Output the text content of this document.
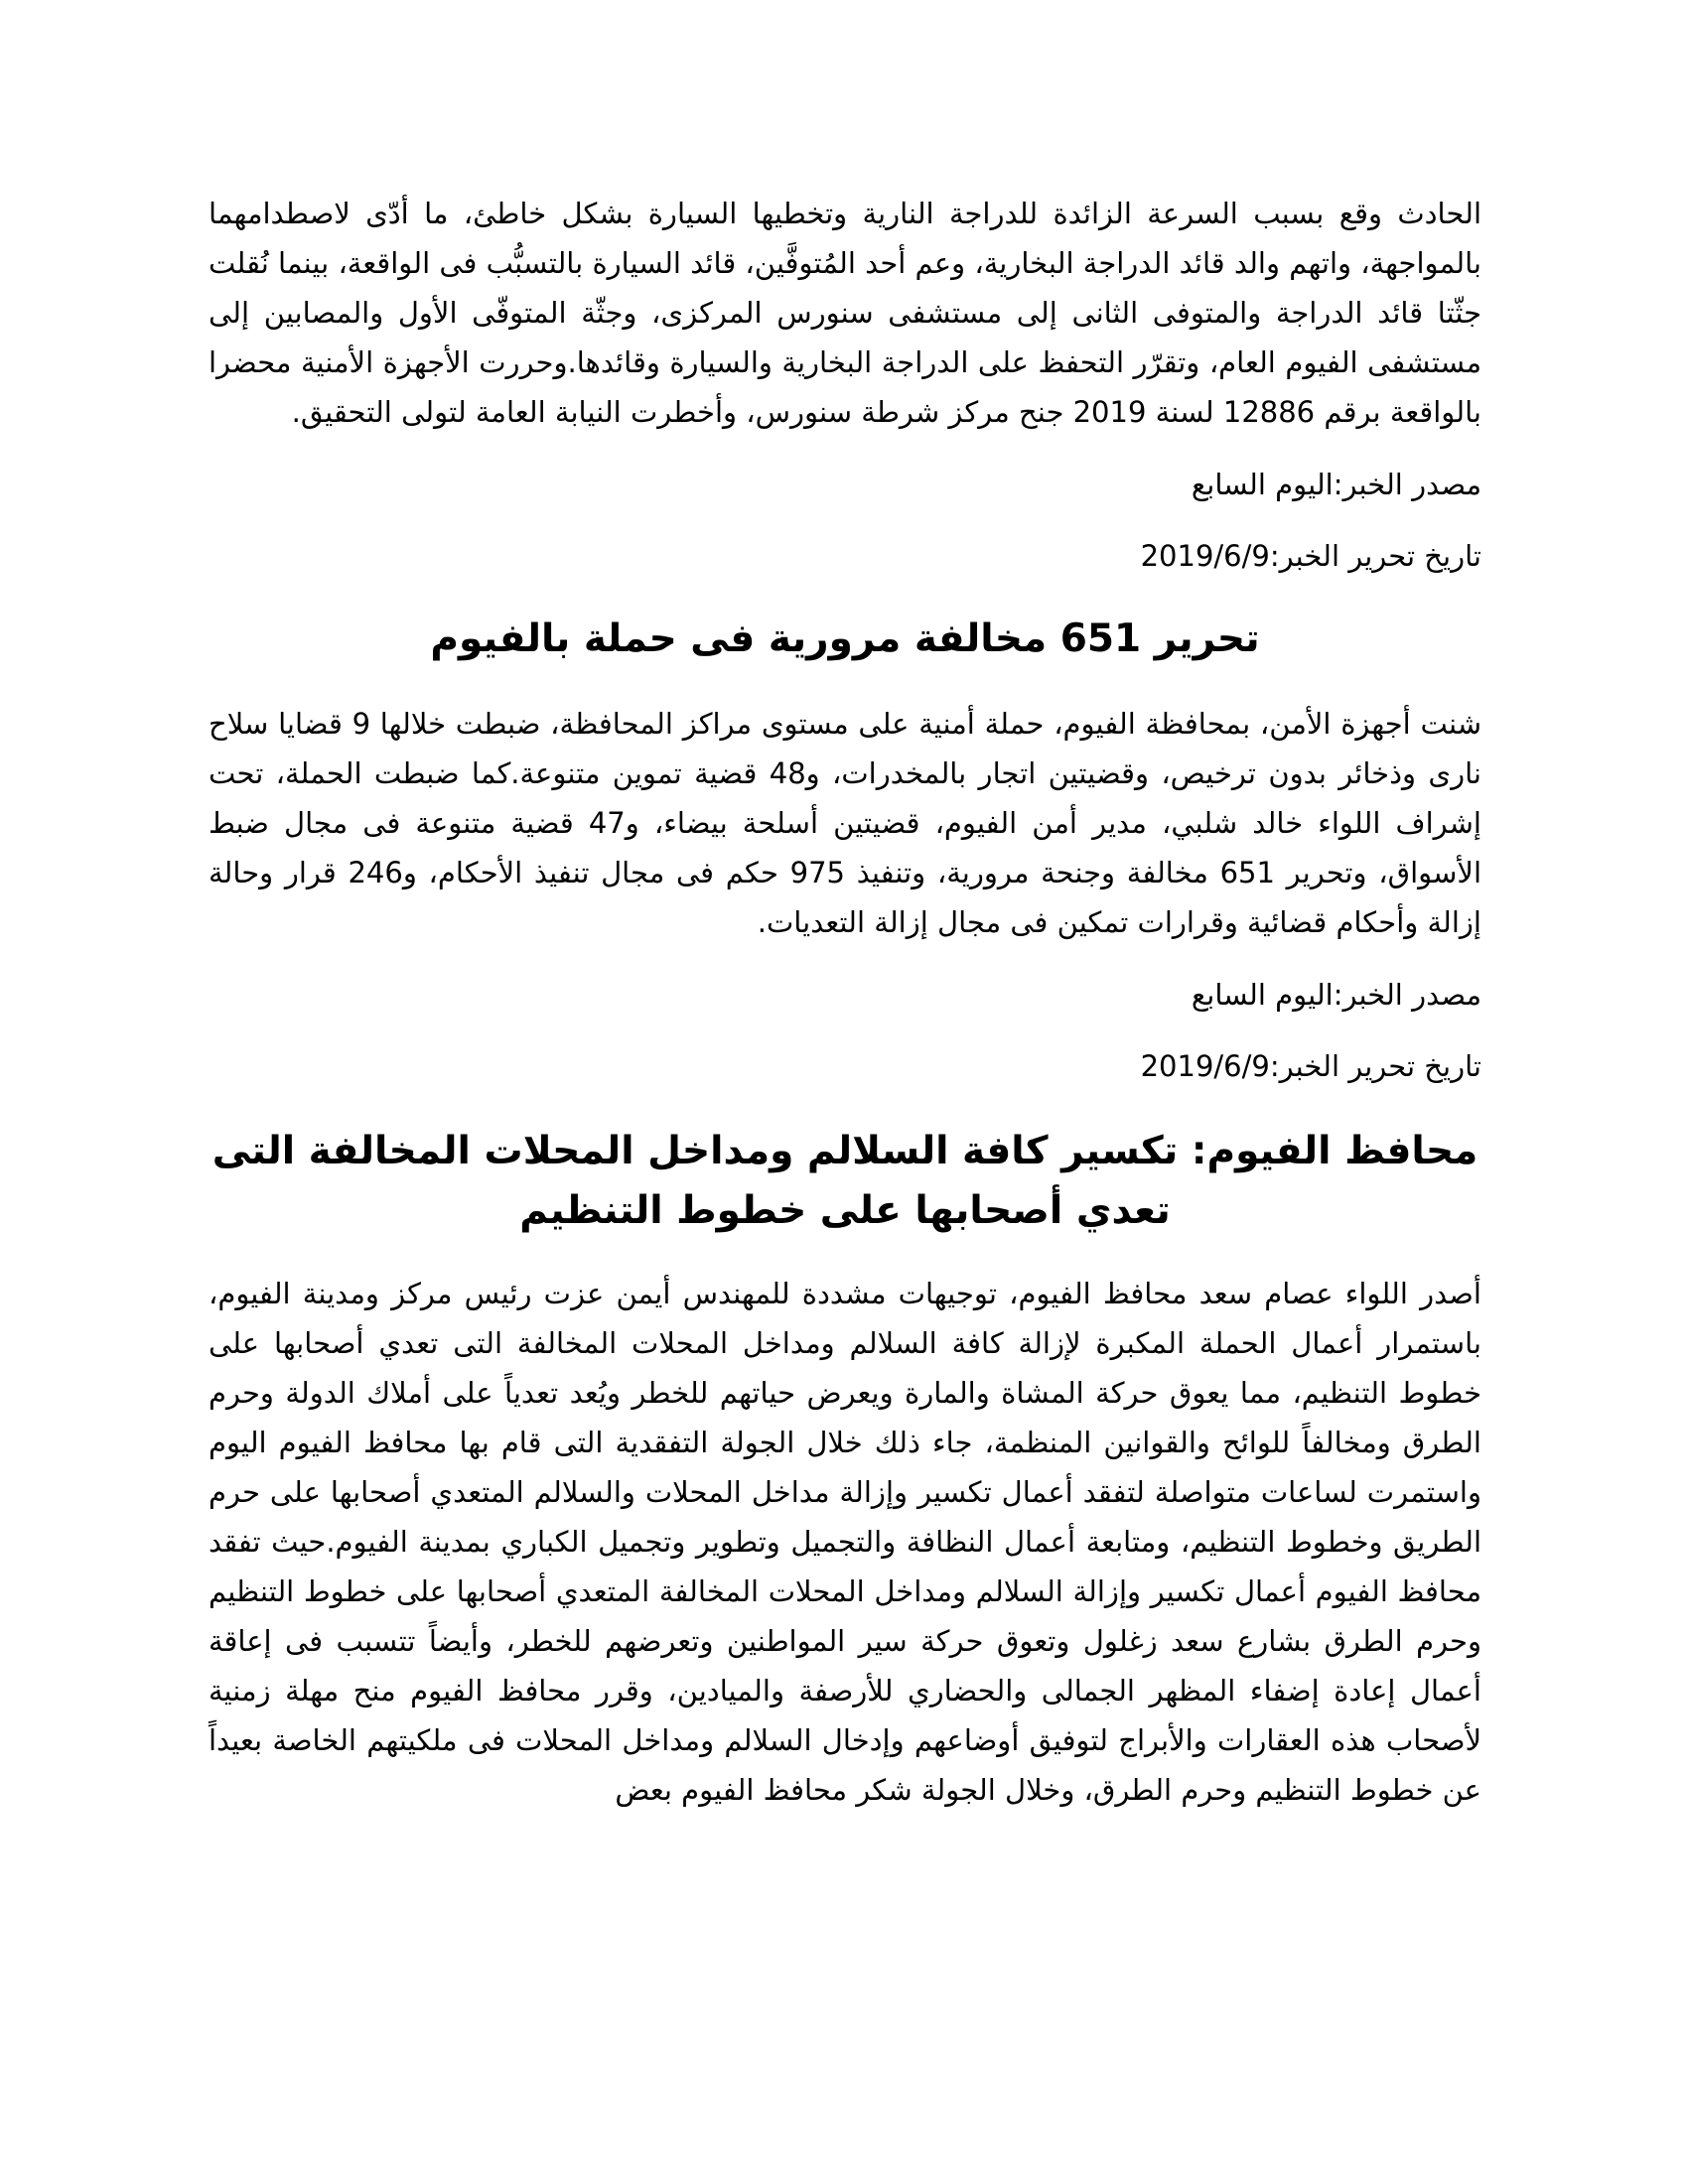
الحادث وقع بسبب السرعة الزائدة للدراجة النارية وتخطيها السيارة بشكل خاطئ، ما أدّى لاصطدامهما بالمواجهة، واتهم والد قائد الدراجة البخارية، وعم أحد المُتوفَّين، قائد السيارة بالتسبُّب فى الواقعة، بينما نُقلت جثّتا قائد الدراجة والمتوفى الثانى إلى مستشفى سنورس المركزى، وجثّة المتوفّى الأول والمصابين إلى مستشفى الفيوم العام، وتقرّر التحفظ على الدراجة البخارية والسيارة وقائدها.وحررت الأجهزة الأمنية محضرا بالواقعة برقم 12886 لسنة 2019 جنح مركز شرطة سنورس، وأخطرت النيابة العامة لتولى التحقيق.

مصدر الخبر:اليوم السابع

تاريخ تحرير الخبر:2019/6/9

تحرير 651 مخالفة مرورية فى حملة بالفيوم

شنت أجهزة الأمن، بمحافظة الفيوم، حملة أمنية على مستوى مراكز المحافظة، ضبطت خلالها 9 قضايا سلاح نارى وذخائر بدون ترخيص، وقضيتين اتجار بالمخدرات، و48 قضية تموين متنوعة.كما ضبطت الحملة، تحت إشراف اللواء خالد شلبي، مدير أمن الفيوم، قضيتين أسلحة بيضاء، و47 قضية متنوعة فى مجال ضبط الأسواق، وتحرير 651 مخالفة وجنحة مرورية، وتنفيذ 975 حكم فى مجال تنفيذ الأحكام، و246 قرار وحالة إزالة وأحكام قضائية وقرارات تمكين فى مجال إزالة التعديات.

مصدر الخبر:اليوم السابع

تاريخ تحرير الخبر:2019/6/9

محافظ الفيوم: تكسير كافة السلالم ومداخل المحلات المخالفة التى تعدي أصحابها على خطوط التنظيم

أصدر اللواء عصام سعد محافظ الفيوم، توجيهات مشددة للمهندس أيمن عزت رئيس مركز ومدينة الفيوم، باستمرار أعمال الحملة المكبرة لإزالة كافة السلالم ومداخل المحلات المخالفة التى تعدي أصحابها على خطوط التنظيم، مما يعوق حركة المشاة والمارة ويعرض حياتهم للخطر ويُعد تعدياً على أملاك الدولة وحرم الطرق ومخالفاً للوائح والقوانين المنظمة، جاء ذلك خلال الجولة التفقدية التى قام بها محافظ الفيوم اليوم واستمرت لساعات متواصلة لتفقد أعمال تكسير وإزالة مداخل المحلات والسلالم المتعدي أصحابها على حرم الطريق وخطوط التنظيم، ومتابعة أعمال النظافة والتجميل وتطوير وتجميل الكباري بمدينة الفيوم.حيث تفقد محافظ الفيوم أعمال تكسير وإزالة السلالم ومداخل المحلات المخالفة المتعدي أصحابها على خطوط التنظيم وحرم الطرق بشارع سعد زغلول وتعوق حركة سير المواطنين وتعرضهم للخطر، وأيضاً تتسبب فى إعاقة أعمال إعادة إضفاء المظهر الجمالى والحضاري للأرصفة والميادين، وقرر محافظ الفيوم منح مهلة زمنية لأصحاب هذه العقارات والأبراج لتوفيق أوضاعهم وإدخال السلالم ومداخل المحلات فى ملكيتهم الخاصة بعيداً عن خطوط التنظيم وحرم الطرق، وخلال الجولة شكر محافظ الفيوم بعض
